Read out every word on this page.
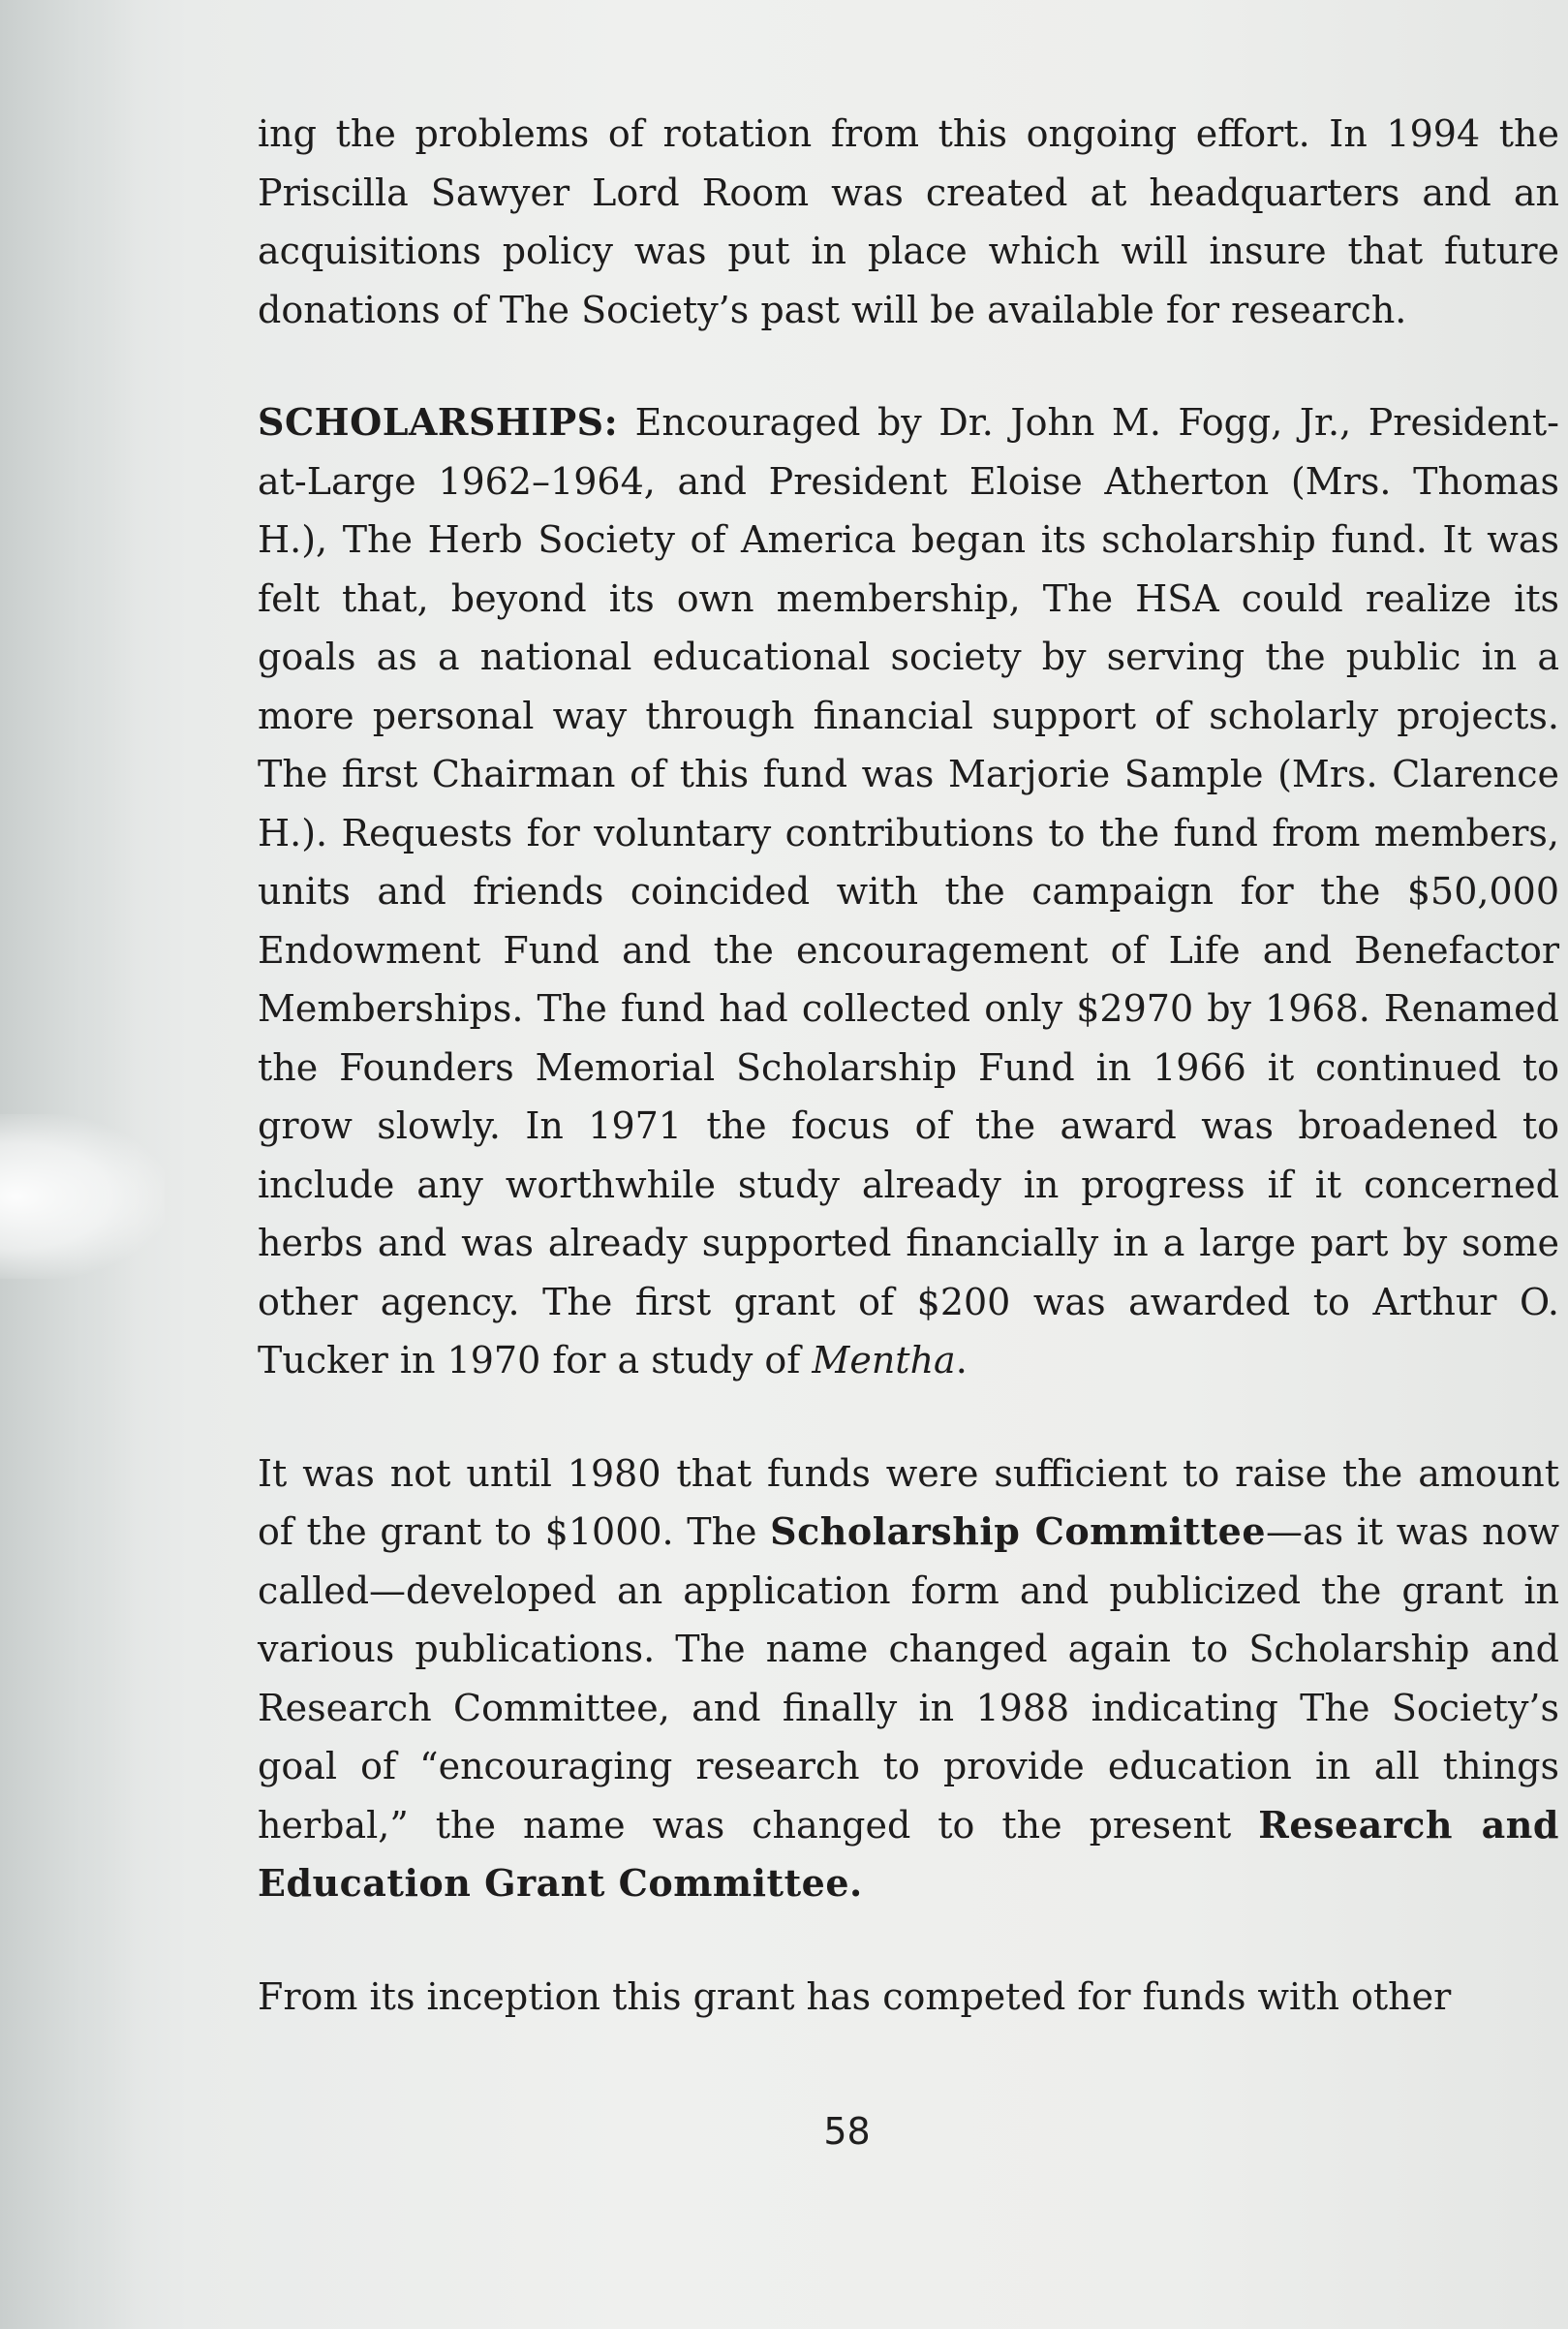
ing the problems of rotation from this ongoing effort. In 1994 the Priscilla Sawyer Lord Room was created at headquarters and an acquisitions policy was put in place which will insure that future donations of The Society’s past will be available for research.

SCHOLARSHIPS: Encouraged by Dr. John M. Fogg, Jr., President-at-Large 1962–1964, and President Eloise Atherton (Mrs. Thomas H.), The Herb Society of America began its scholarship fund. It was felt that, beyond its own membership, The HSA could realize its goals as a national educational society by serving the public in a more personal way through financial support of scholarly projects. The first Chairman of this fund was Marjorie Sample (Mrs. Clarence H.). Requests for voluntary contributions to the fund from members, units and friends coincided with the campaign for the $50,000 Endowment Fund and the encouragement of Life and Benefactor Memberships. The fund had collected only $2970 by 1968. Renamed the Founders Memorial Scholarship Fund in 1966 it continued to grow slowly. In 1971 the focus of the award was broadened to include any worthwhile study already in progress if it concerned herbs and was already supported financially in a large part by some other agency. The first grant of $200 was awarded to Arthur O. Tucker in 1970 for a study of Mentha.

It was not until 1980 that funds were sufficient to raise the amount of the grant to $1000. The Scholarship Committee—as it was now called—developed an application form and publicized the grant in various publications. The name changed again to Scholarship and Research Committee, and finally in 1988 indicating The Society’s goal of “encouraging research to provide education in all things herbal,” the name was changed to the present Research and Education Grant Committee.

From its inception this grant has competed for funds with other

58
